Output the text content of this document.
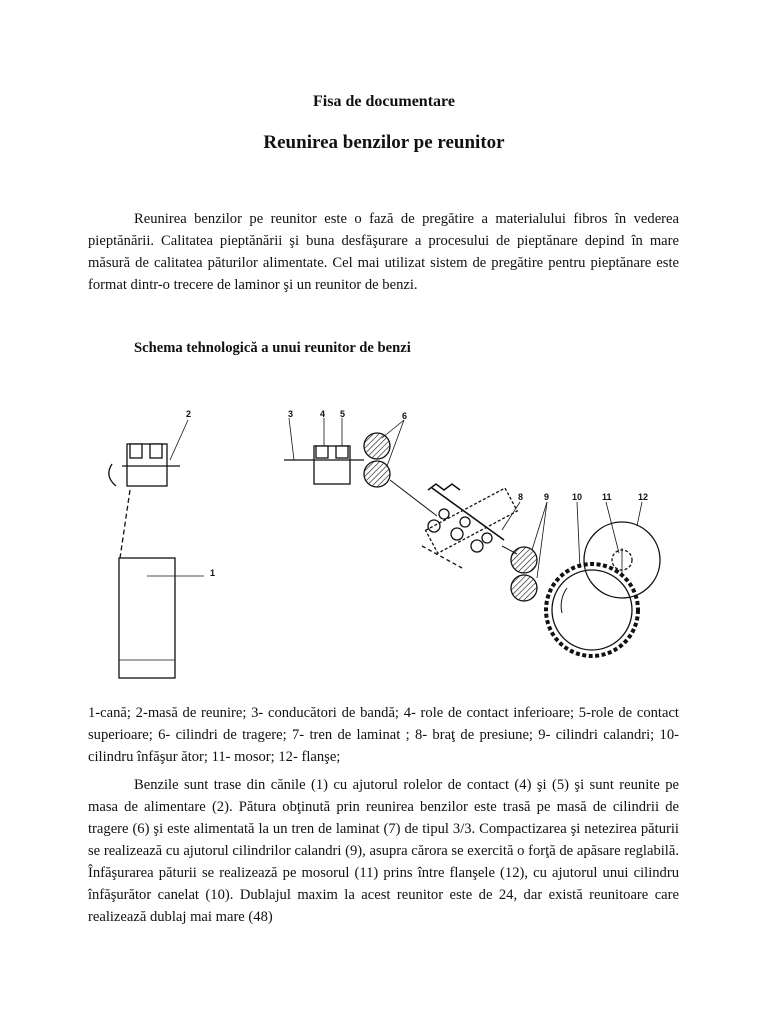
Fisa de documentare
Reunirea benzilor pe reunitor

Reunirea benzilor pe reunitor este o fază de pregătire a materialului fibros în vederea pieptănării. Calitatea pieptănării şi buna desfăşurare a procesului de pieptănare depind în mare măsură de calitatea păturilor alimentate. Cel mai utilizat sistem de pregătire pentru pieptănare este format dintr-o trecere de laminor şi un reunitor de benzi.

Schema tehnologică a unui reunitor de benzi
2
1
3	4 5	6
8 9	10 11	12

1-cană; 2-masă de reunire; 3- conducători de bandă; 4- role de contact inferioare; 5-role de contact superioare; 6- cilindri de tragere; 7- tren de laminat ; 8- braţ de presiune; 9- cilindri calandri; 10- cilindru înfăşur ător; 11- mosor; 12- flanşe;

Benzile sunt trase din cănile (1) cu ajutorul rolelor de contact (4) şi (5) şi sunt reunite pe masa de alimentare (2). Pătura obţinută prin reunirea benzilor este trasă pe masă de cilindrii de tragere (6) şi este alimentată la un tren de laminat (7) de tipul 3/3. Compactizarea şi netezirea păturii se realizează cu ajutorul cilindrilor calandri (9), asupra cărora se exercită o forţă de apăsare reglabilă. Înfăşurarea păturii se realizează pe mosorul (11) prins între flanşele (12), cu ajutorul unui cilindru înfăşurător canelat (10). Dublajul maxim la acest reunitor este de 24, dar există reunitoare care realizează dublaj mai mare (48)
